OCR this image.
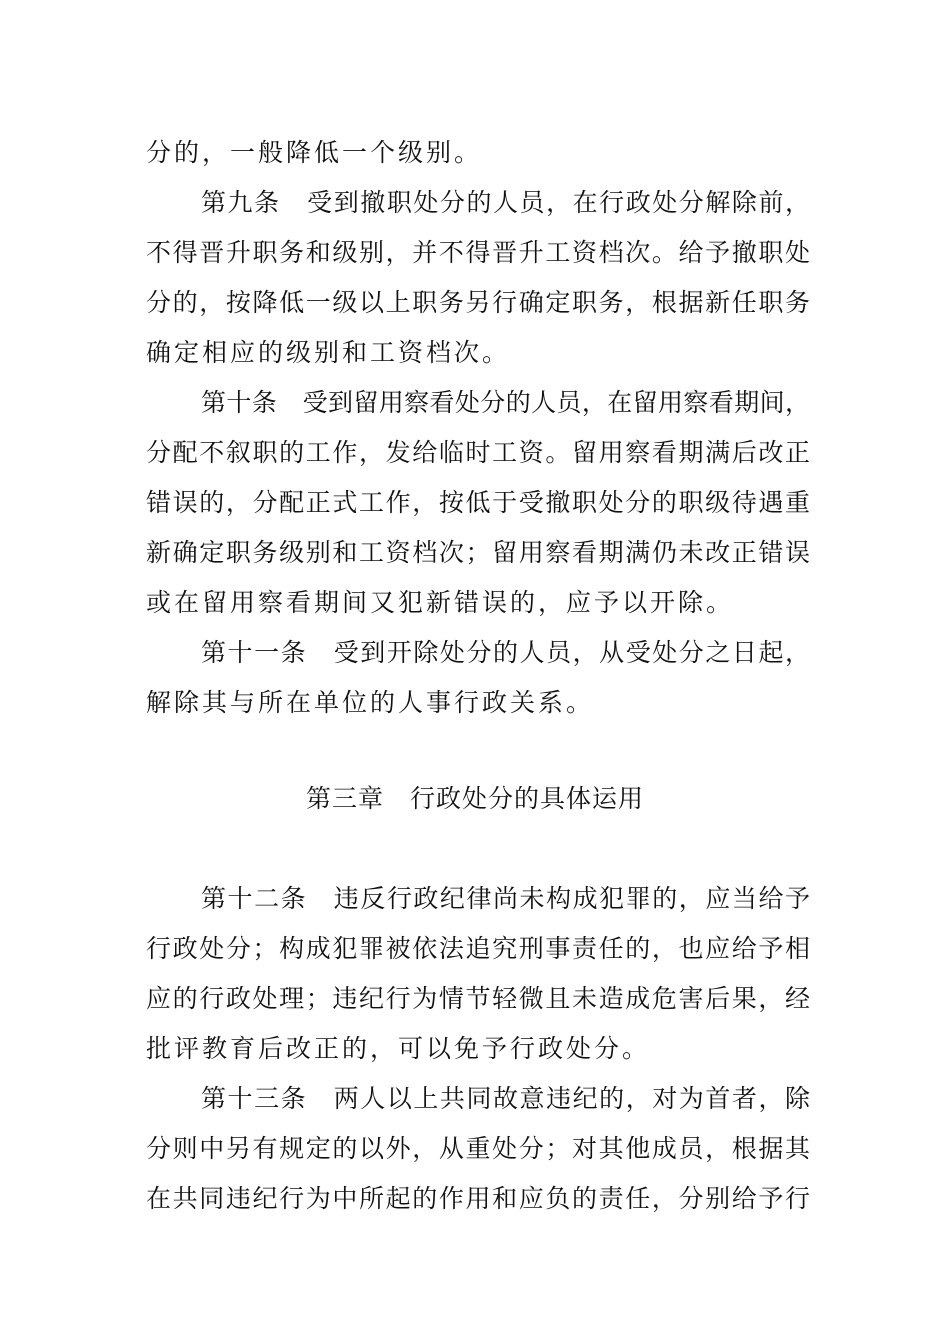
分的，一般降低一个级别。
第九条　受到撤职处分的人员，在行政处分解除前，
不得晋升职务和级别，并不得晋升工资档次。给予撤职处
分的，按降低一级以上职务另行确定职务，根据新任职务
确定相应的级别和工资档次。
第十条　受到留用察看处分的人员，在留用察看期间，
分配不叙职的工作，发给临时工资。留用察看期满后改正
错误的，分配正式工作，按低于受撤职处分的职级待遇重
新确定职务级别和工资档次；留用察看期满仍未改正错误
或在留用察看期间又犯新错误的，应予以开除。
第十一条　受到开除处分的人员，从受处分之日起，
解除其与所在单位的人事行政关系。
第三章　行政处分的具体运用
第十二条　违反行政纪律尚未构成犯罪的，应当给予
行政处分；构成犯罪被依法追究刑事责任的，也应给予相
应的行政处理；违纪行为情节轻微且未造成危害后果，经
批评教育后改正的，可以免予行政处分。
第十三条　两人以上共同故意违纪的，对为首者，除
分则中另有规定的以外，从重处分；对其他成员，根据其
在共同违纪行为中所起的作用和应负的责任，分别给予行
